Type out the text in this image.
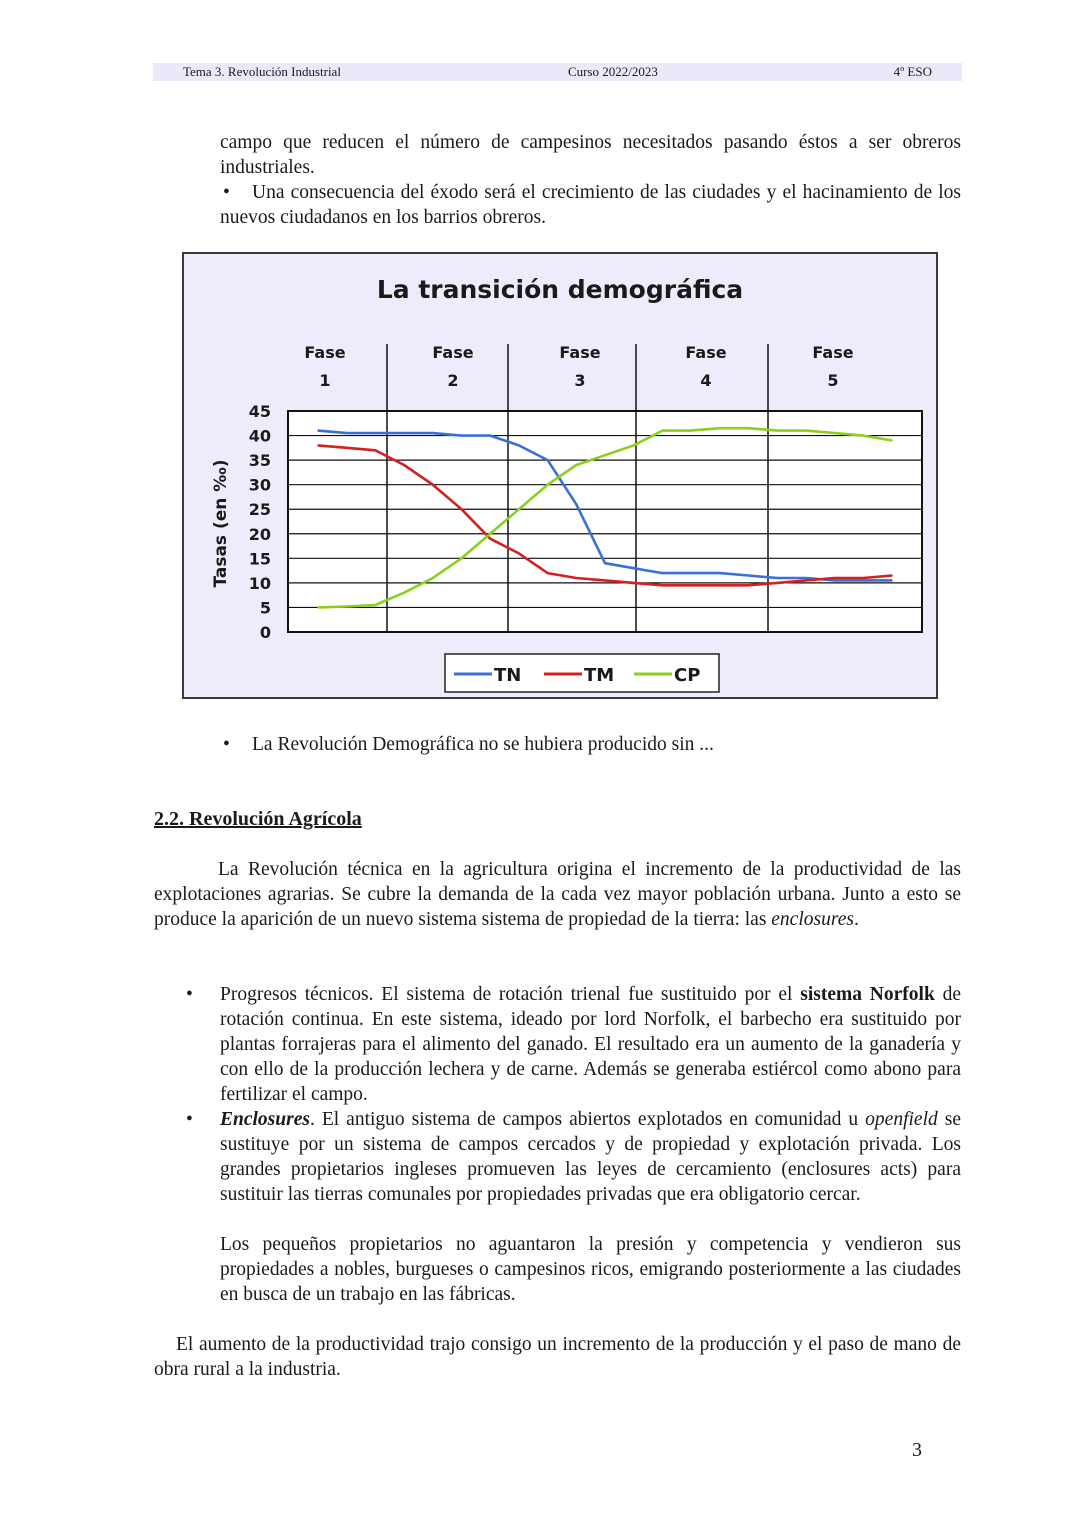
Tema 3. Revolución Industrial	Curso 2022/2023	4º ESO

campo que reducen el número de campesinos necesitados pasando éstos a ser obreros industriales.

•	Una consecuencia del éxodo será el crecimiento de las ciudades y el hacinamiento de los nuevos ciudadanos en los barrios obreros.

La transición demográfica
Fase
1
Fase
2
Fase
3
Fase
4
Fase
5
45
40
35
30
25
20
15
10
5
0
Tasas (en ‰)
TN	TM	CP
• La Revolución Demográfica no se hubiera producido sin ...

2.2. Revolución Agrícola

La Revolución técnica en la agricultura origina el incremento de la productividad de las explotaciones agrarias. Se cubre la demanda de la cada vez mayor población urbana. Junto a esto se produce la aparición de un nuevo sistema sistema de propiedad de la tierra: las enclosures.

• Progresos técnicos. El sistema de rotación trienal fue sustituido por el sistema Norfolk de rotación continua. En este sistema, ideado por lord Norfolk, el barbecho era sustituido por plantas forrajeras para el alimento del ganado. El resultado era un aumento de la ganadería y con ello de la producción lechera y de carne. Además se generaba estiércol como abono para fertilizar el campo.

• Enclosures. El antiguo sistema de campos abiertos explotados en comunidad u openfield se sustituye por un sistema de campos cercados y de propiedad y explotación privada. Los grandes propietarios ingleses promueven las leyes de cercamiento (enclosures acts) para sustituir las tierras comunales por propiedades privadas que era obligatorio cercar.

Los pequeños propietarios no aguantaron la presión y competencia y vendieron sus propiedades a nobles, burgueses o campesinos ricos, emigrando posteriormente a las ciudades en busca de un trabajo en las fábricas.

El aumento de la productividad trajo consigo un incremento de la producción y el paso de mano de obra rural a la industria.

3
